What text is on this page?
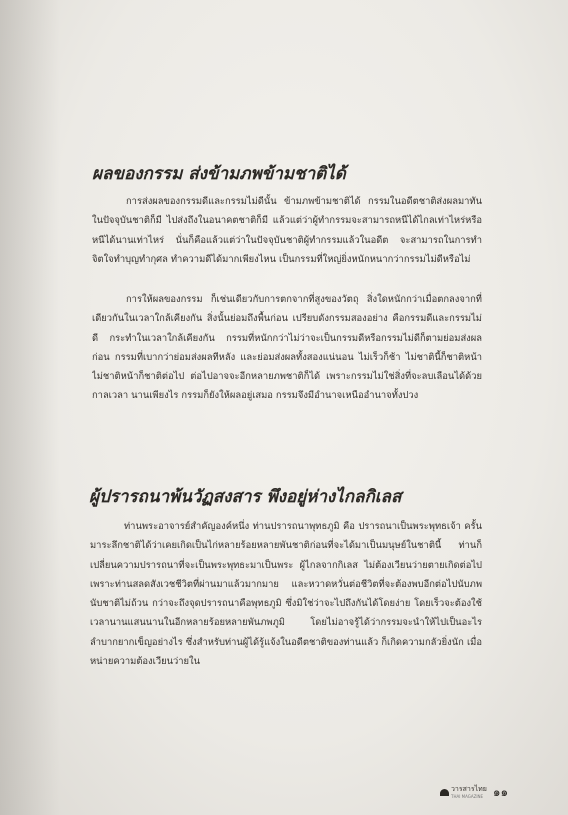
ผลของกรรม ส่งข้ามภพข้ามชาติได้
การส่งผลของกรรมดีและกรรมไม่ดีนั้น ข้ามภพข้ามชาติได้ กรรมในอดีตชาติส่งผลมาทันในปัจจุบันชาติก็มี ไปส่งถึงในอนาคตชาติก็มี แล้วแต่ว่าผู้ทำกรรมจะสามารถหนีได้ไกลเท่าไหร่หรือหนีได้นานเท่าไหร่ นั่นก็คือแล้วแต่ว่าในปัจจุบันชาติผู้ทำกรรมแล้วในอดีต จะสามารถในการทำจิตใจทำบุญทำกุศล ทำความดีได้มากเพียงไหน เป็นกรรมที่ใหญ่ยิ่งหนักหนากว่ากรรมไม่ดีหรือไม่
การให้ผลของกรรม ก็เช่นเดียวกับการตกจากที่สูงของวัตถุ สิ่งใดหนักกว่าเมื่อตกลงจากที่เดียวกันในเวลาใกล้เคียงกัน สิ่งนั้นย่อมถึงพื้นก่อน เปรียบดังกรรมสองอย่าง คือกรรมดีและกรรมไม่ดี กระทำในเวลาใกล้เคียงกัน กรรมที่หนักกว่าไม่ว่าจะเป็นกรรมดีหรือกรรมไม่ดีก็ตามย่อมส่งผลก่อน กรรมที่เบากว่าย่อมส่งผลทีหลัง และย่อมส่งผลทั้งสองแน่นอน ไม่เร็วก็ช้า ไม่ชาตินี้ก็ชาติหน้า ไม่ชาติหน้าก็ชาติต่อไป ต่อไปอาจจะอีกหลายภพชาติก็ได้ เพราะกรรมไม่ใช่สิ่งที่จะลบเลือนได้ด้วยกาลเวลา นานเพียงไร กรรมก็ยังให้ผลอยู่เสมอ กรรมจึงมีอำนาจเหนืออำนาจทั้งปวง
ผู้ปรารถนาพ้นวัฏสงสาร พึงอยู่ห่างไกลกิเลส
ท่านพระอาจารย์สำคัญองค์หนึ่ง ท่านปรารถนาพุทธภูมิ คือ ปรารถนาเป็นพระพุทธเจ้า ครั้นมาระลึกชาติได้ว่าเคยเกิดเป็นไก่หลายร้อยหลายพันชาติก่อนที่จะได้มาเป็นมนุษย์ในชาตินี้ ท่านก็เปลี่ยนความปรารถนาที่จะเป็นพระพุทธะมาเป็นพระ ผู้ไกลจากกิเลส ไม่ต้องเวียนว่ายตายเกิดต่อไป เพราะท่านสลดสังเวชชีวิตที่ผ่านมาแล้วมากมาย และหวาดหวั่นต่อชีวิตที่จะต้องพบอีกต่อไปนับภพนับชาติไม่ถ้วน กว่าจะถึงจุดปรารถนาคือพุทธภูมิ ซึ่งมิใช่ว่าจะไปถึงกันได้โดยง่าย โดยเร็วจะต้องใช้เวลานานแสนนานในอีกหลายร้อยหลายพันภพภูมิ โดยไม่อาจรู้ได้ว่ากรรมจะนำให้ไปเป็นอะไร ลำบากยากเข็ญอย่างไร ซึ่งสำหรับท่านผู้ได้รู้แจ้งในอดีตชาติของท่านแล้ว ก็เกิดความกลัวยิ่งนัก เมื่อหน่ายความต้องเวียนว่ายใน
วารสารไทย
THAI MAGAZINE ๑๑
